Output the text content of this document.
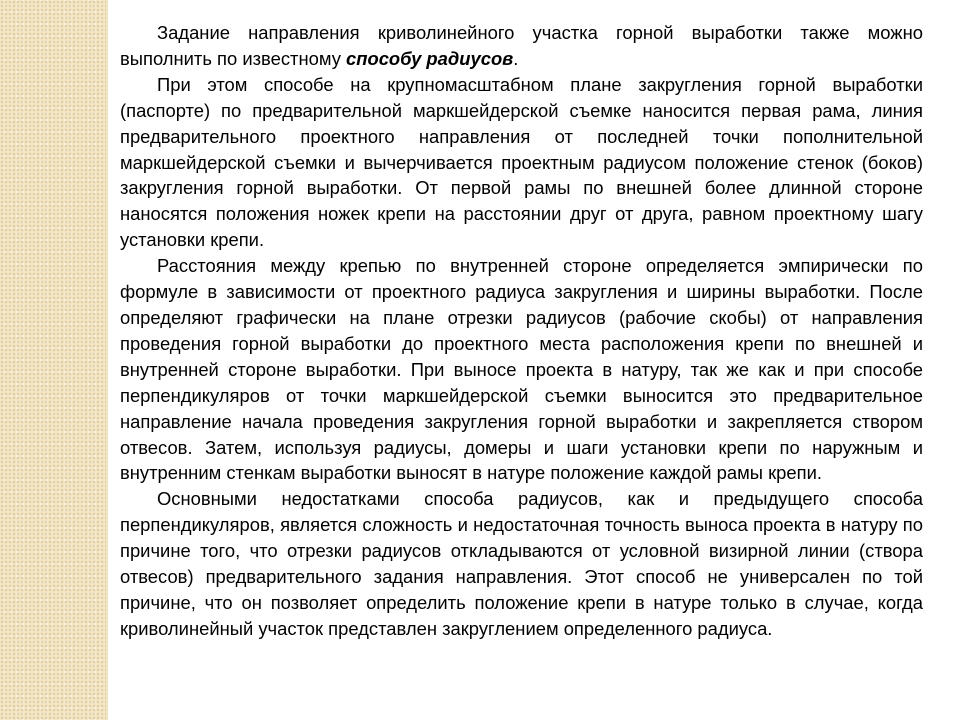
Задание направления криволинейного участка горной выработки также можно выполнить по известному способу радиусов.

При этом способе на крупномасштабном плане закругления горной выработки (паспорте) по предварительной маркшейдерской съемке наносится первая рама, линия предварительного проектного направления от последней точки пополнительной маркшейдерской съемки и вычерчивается проектным радиусом положение стенок (боков) закругления горной выработки. От первой рамы по внешней более длинной стороне наносятся положения ножек крепи на расстоянии друг от друга, равном проектному шагу установки крепи.

Расстояния между крепью по внутренней стороне определяется эмпирически по формуле в зависимости от проектного радиуса закругления и ширины выработки. После определяют графически на плане отрезки радиусов (рабочие скобы) от направления проведения горной выработки до проектного места расположения крепи по внешней и внутренней стороне выработки. При выносе проекта в натуру, так же как и при способе перпендикуляров от точки маркшейдерской съемки выносится это предварительное направление начала проведения закругления горной выработки и закрепляется створом отвесов. Затем, используя радиусы, домеры и шаги установки крепи по наружным и внутренним стенкам выработки выносят в натуре положение каждой рамы крепи.

Основными недостатками способа радиусов, как и предыдущего способа перпендикуляров, является сложность и недостаточная точность выноса проекта в натуру по причине того, что отрезки радиусов откладываются от условной визирной линии (створа отвесов) предварительного задания направления. Этот способ не универсален по той причине, что он позволяет определить положение крепи в натуре только в случае, когда криволинейный участок представлен закруглением определенного радиуса.
